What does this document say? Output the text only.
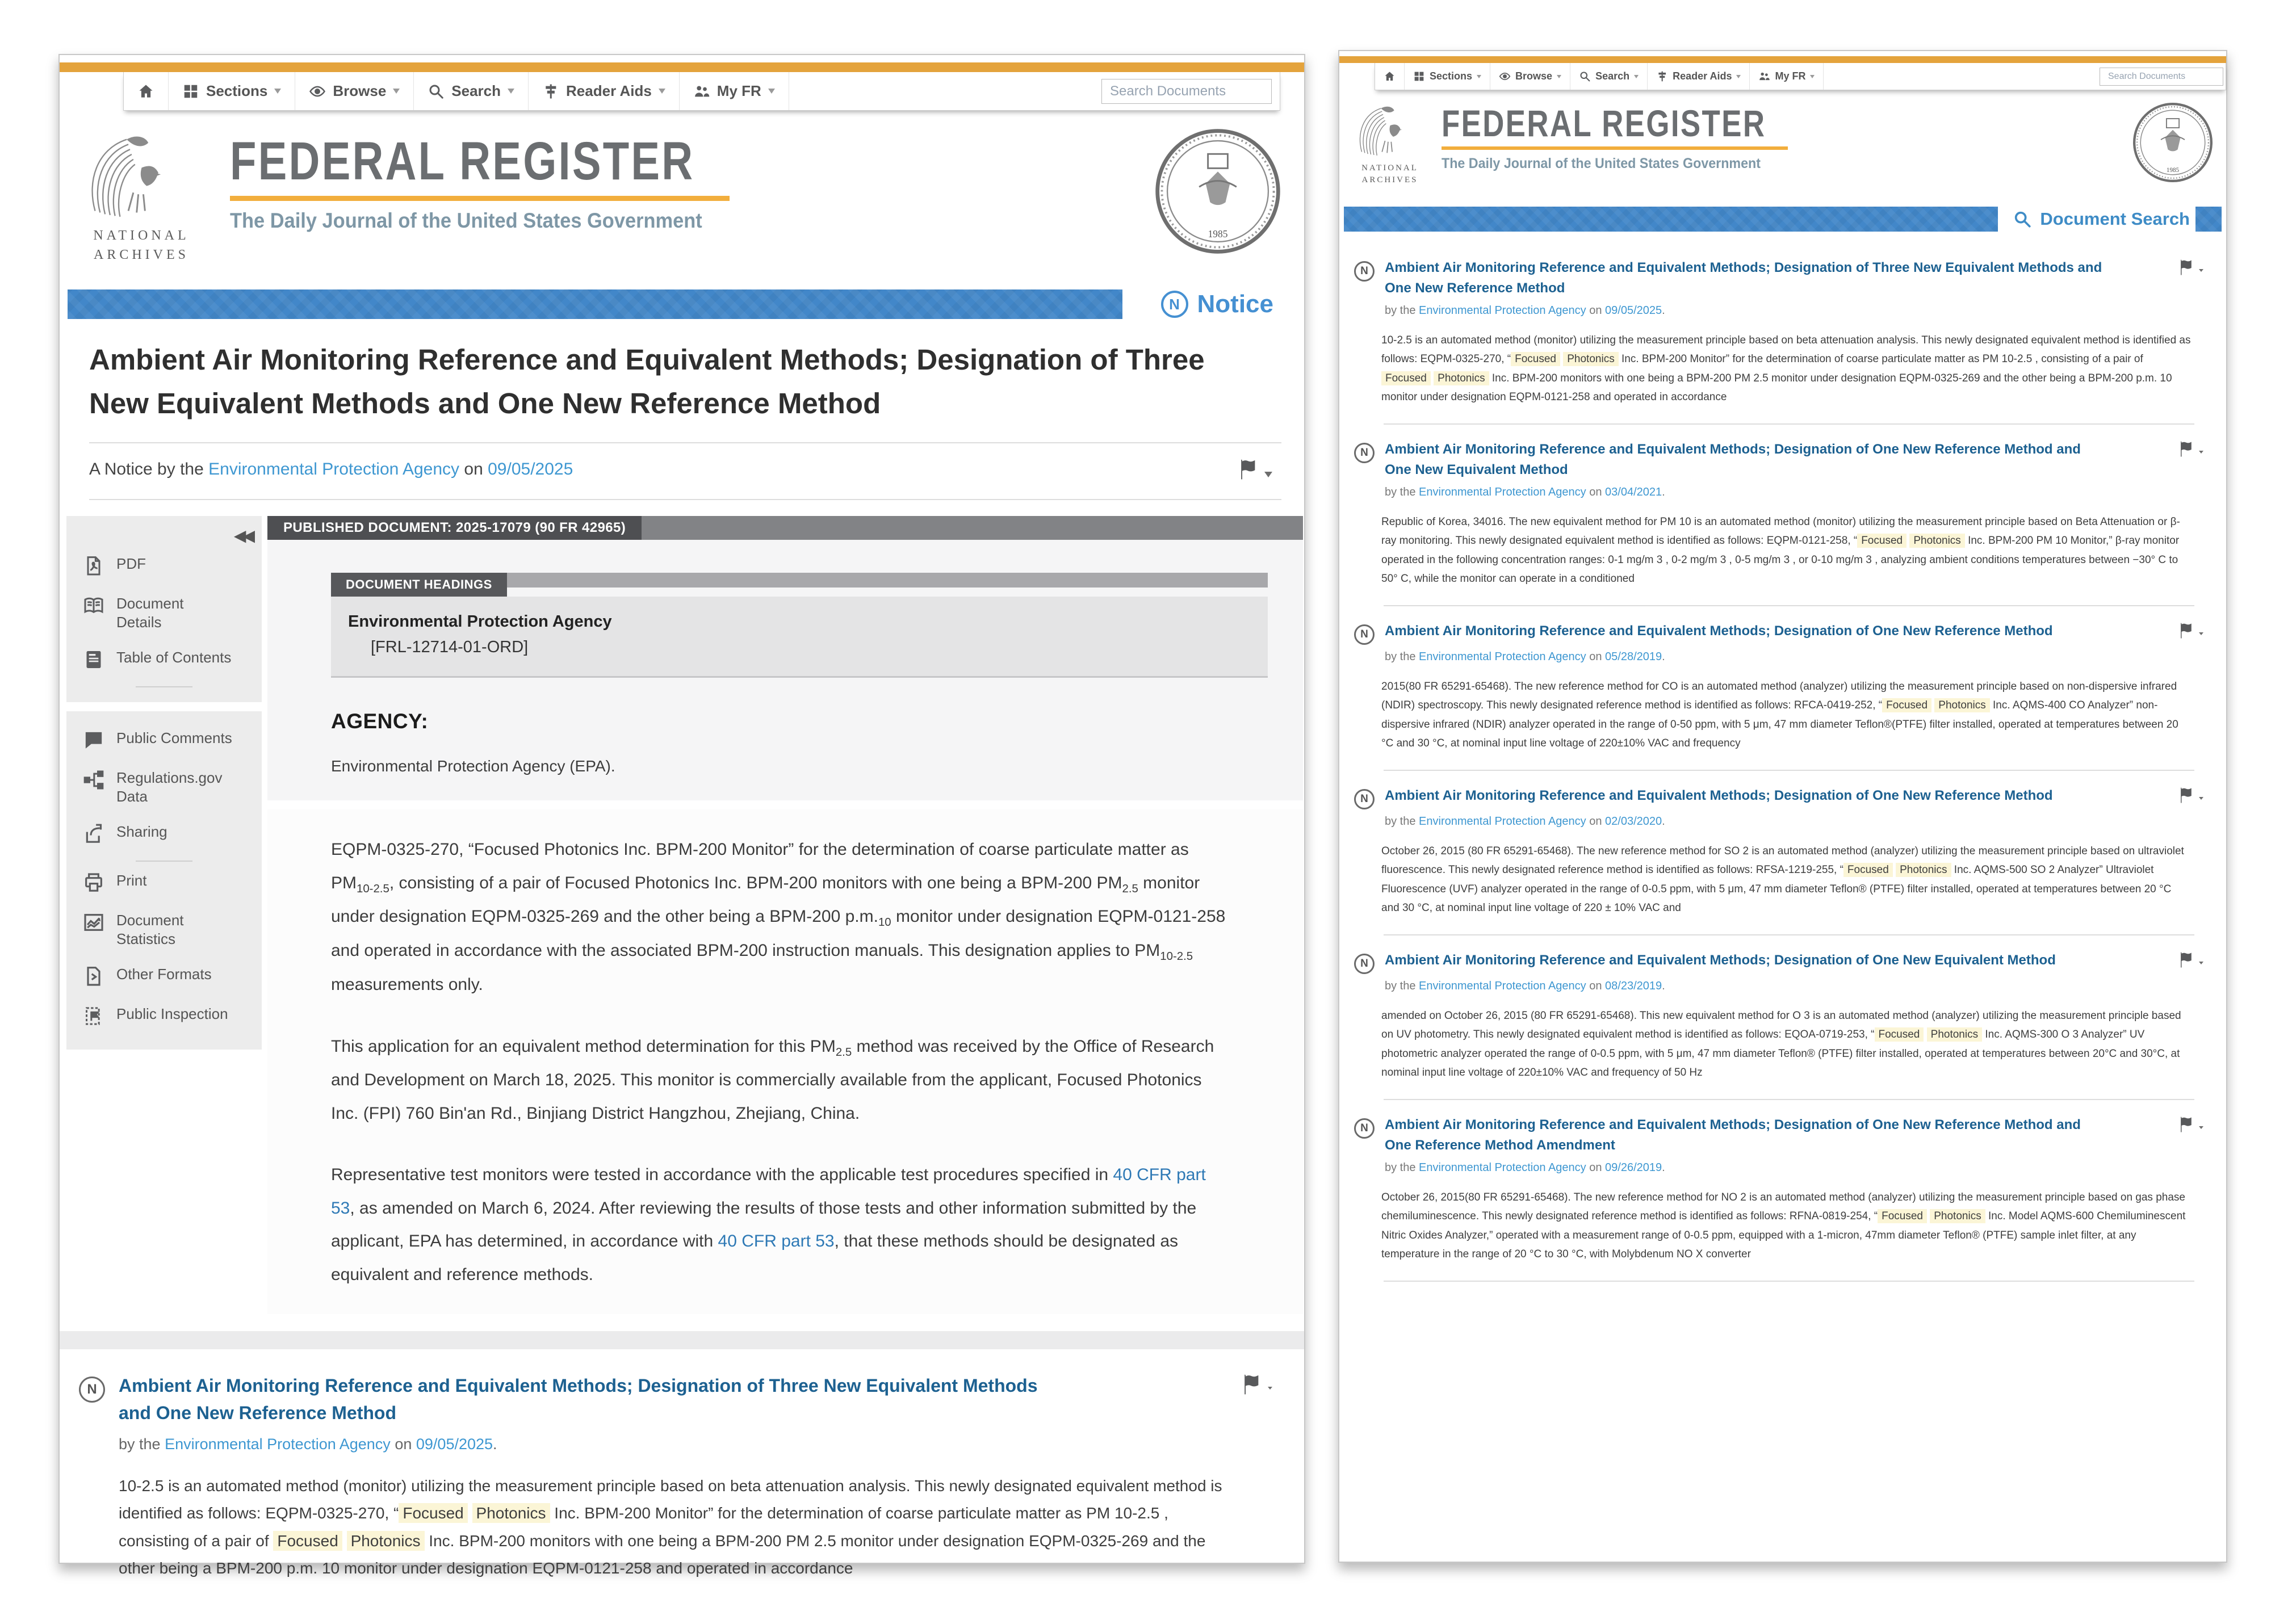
Sections	Browse	Search	Reader Aids	My FR
Search Documents
NATIONAL
ARCHIVES
FEDERAL REGISTER
The Daily Journal of the United States Government
1985
N Notice
Ambient Air Monitoring Reference and Equivalent Methods; Designation of Three New Equivalent Methods and One New Reference Method
A Notice by the Environmental Protection Agency on 09/05/2025
◀◀
PDF
Document Details
Table of Contents
Public Comments
Regulations.gov Data
Sharing
Print
Document Statistics
Other Formats
Public Inspection
PUBLISHED DOCUMENT: 2025-17079 (90 FR 42965)
DOCUMENT HEADINGS
Environmental Protection Agency
[FRL-12714-01-ORD]
AGENCY:

Environmental Protection Agency (EPA).

EQPM-0325-270, “Focused Photonics Inc. BPM-200 Monitor” for the determination of coarse particulate matter as $PM_{10-2.5}$, consisting of a pair of Focused Photonics Inc. BPM-200 monitors with one being a BPM-200 $PM_{2.5}$ monitor under designation EQPM-0325-269 and the other being a BPM-200 $p.m._{10}$ monitor under designation EQPM-0121-258 and operated in accordance with the associated BPM-200 instruction manuals. This designation applies to $PM_{10-2.5}$ measurements only.

This application for an equivalent method determination for this $PM_{2.5}$ method was received by the Office of Research and Development on March 18, 2025. This monitor is commercially available from the applicant, Focused Photonics Inc. (FPI) 760 Bin'an Rd., Binjiang District Hangzhou, Zhejiang, China.

Representative test monitors were tested in accordance with the applicable test procedures specified in 40 CFR part 53, as amended on March 6, 2024. After reviewing the results of those tests and other information submitted by the applicant, EPA has determined, in accordance with 40 CFR part 53, that these methods should be designated as equivalent and reference methods.

N	Ambient Air Monitoring Reference and Equivalent Methods; Designation of Three New Equivalent Methods and One New Reference Method
by the Environmental Protection Agency on 09/05/2025.
10-2.5 is an automated method (monitor) utilizing the measurement principle based on beta attenuation analysis. This newly designated equivalent method is identified as follows: EQPM-0325-270, “ Focused Photonics Inc. BPM-200 Monitor” for the determination of coarse particulate matter as PM 10-2.5 , consisting of a pair of Focused Photonics Inc. BPM-200 monitors with one being a BPM-200 PM 2.5 monitor under designation EQPM-0325-269 and the other being a BPM-200 p.m. 10 monitor under designation EQPM-0121-258 and operated in accordance
Sections	Browse	Search	Reader Aids	My FR
Search Documents
NATIONAL
ARCHIVES
FEDERAL REGISTER
The Daily Journal of the United States Government	1985
Document Search
N	Ambient Air Monitoring Reference and Equivalent Methods; Designation of Three New Equivalent Methods and One New Reference Method
by the Environmental Protection Agency on 09/05/2025.
10-2.5 is an automated method (monitor) utilizing the measurement principle based on beta attenuation analysis. This newly designated equivalent method is identified as follows: EQPM-0325-270, “ Focused Photonics Inc. BPM-200 Monitor” for the determination of coarse particulate matter as PM 10-2.5 , consisting of a pair of Focused Photonics Inc. BPM-200 monitors with one being a BPM-200 PM 2.5 monitor under designation EQPM-0325-269 and the other being a BPM-200 p.m. 10 monitor under designation EQPM-0121-258 and operated in accordance
N	Ambient Air Monitoring Reference and Equivalent Methods; Designation of One New Reference Method and One New Equivalent Method
by the Environmental Protection Agency on 03/04/2021.
Republic of Korea, 34016. The new equivalent method for PM 10 is an automated method (monitor) utilizing the measurement principle based on Beta Attenuation or β-ray monitoring. This newly designated equivalent method is identified as follows: EQPM-0121-258, “ Focused Photonics Inc. BPM-200 PM 10 Monitor,” β-ray monitor operated in the following concentration ranges: 0-1 mg/m 3 , 0-2 mg/m 3 , 0-5 mg/m 3 , or 0-10 mg/m 3 , analyzing ambient conditions temperatures between −30° C to 50° C, while the monitor can operate in a conditioned
N	Ambient Air Monitoring Reference and Equivalent Methods; Designation of One New Reference Method
by the Environmental Protection Agency on 05/28/2019.
2015(80 FR 65291-65468). The new reference method for CO is an automated method (analyzer) utilizing the measurement principle based on non-dispersive infrared (NDIR) spectroscopy. This newly designated reference method is identified as follows: RFCA-0419-252, “ Focused Photonics Inc. AQMS-400 CO Analyzer” non-dispersive infrared (NDIR) analyzer operated in the range of 0-50 ppm, with 5 μm, 47 mm diameter Teflon®(PTFE) filter installed, operated at temperatures between 20 °C and 30 °C, at nominal input line voltage of 220±10% VAC and frequency
N	Ambient Air Monitoring Reference and Equivalent Methods; Designation of One New Reference Method
by the Environmental Protection Agency on 02/03/2020.
October 26, 2015 (80 FR 65291-65468). The new reference method for SO 2 is an automated method (analyzer) utilizing the measurement principle based on ultraviolet fluorescence. This newly designated reference method is identified as follows: RFSA-1219-255, “ Focused Photonics Inc. AQMS-500 SO 2 Analyzer” Ultraviolet Fluorescence (UVF) analyzer operated in the range of 0-0.5 ppm, with 5 μm, 47 mm diameter Teflon® (PTFE) filter installed, operated at temperatures between 20 °C and 30 °C, at nominal input line voltage of 220 ± 10% VAC and
N	Ambient Air Monitoring Reference and Equivalent Methods; Designation of One New Equivalent Method
by the Environmental Protection Agency on 08/23/2019.
amended on October 26, 2015 (80 FR 65291-65468). This new equivalent method for O 3 is an automated method (analyzer) utilizing the measurement principle based on UV photometry. This newly designated equivalent method is identified as follows: EQOA-0719-253, “ Focused Photonics Inc. AQMS-300 O 3 Analyzer” UV photometric analyzer operated the range of 0-0.5 ppm, with 5 μm, 47 mm diameter Teflon® (PTFE) filter installed, operated at temperatures between 20°C and 30°C, at nominal input line voltage of 220±10% VAC and frequency of 50 Hz
N	Ambient Air Monitoring Reference and Equivalent Methods; Designation of One New Reference Method and One Reference Method Amendment
by the Environmental Protection Agency on 09/26/2019.
October 26, 2015(80 FR 65291-65468). The new reference method for NO 2 is an automated method (analyzer) utilizing the measurement principle based on gas phase chemiluminescence. This newly designated reference method is identified as follows: RFNA-0819-254, “ Focused Photonics Inc. Model AQMS-600 Chemiluminescent Nitric Oxides Analyzer,” operated with a measurement range of 0-0.5 ppm, equipped with a 1-micron, 47mm diameter Teflon® (PTFE) sample inlet filter, at any temperature in the range of 20 °C to 30 °C, with Molybdenum NO X converter
